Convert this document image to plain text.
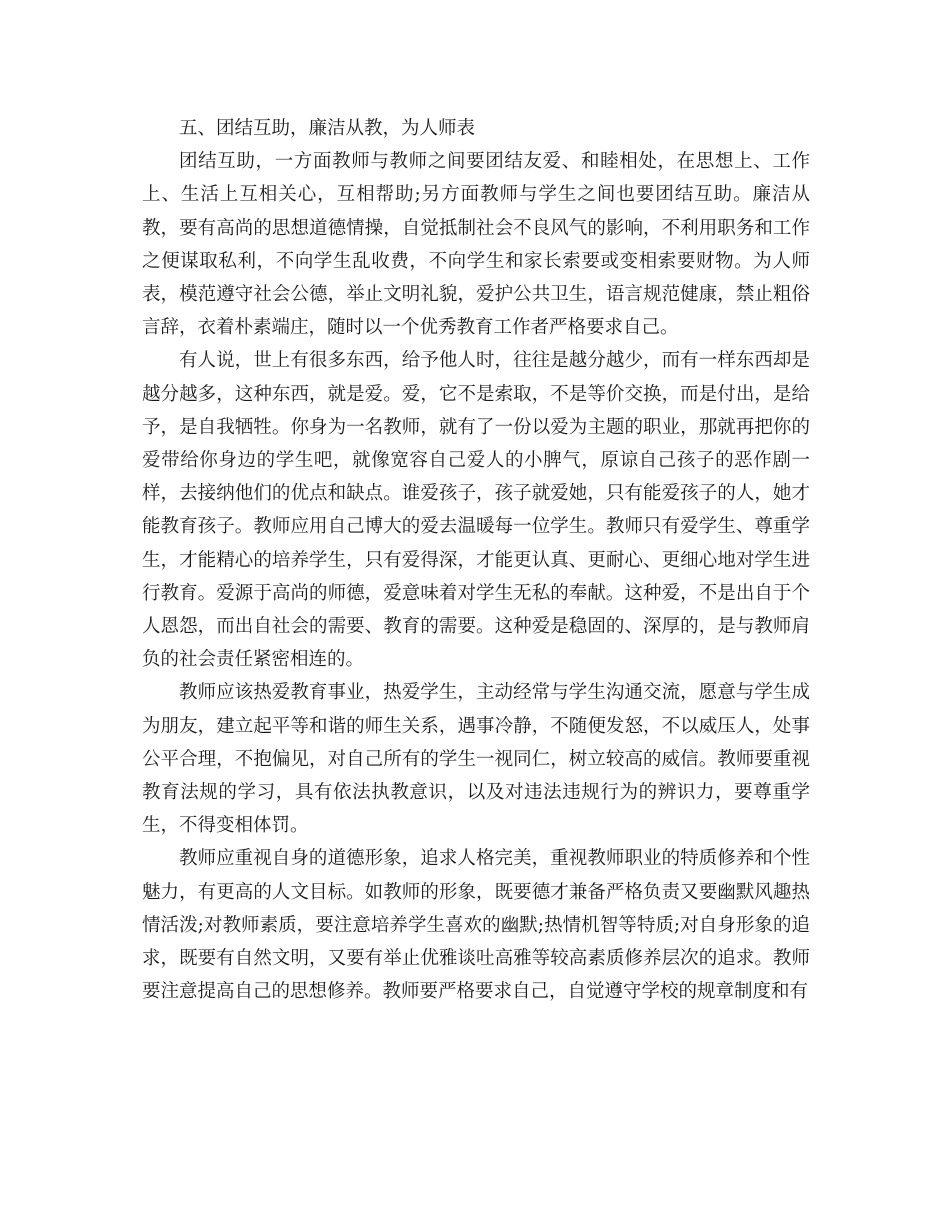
五、团结互助，廉洁从教，为人师表

团结互助，一方面教师与教师之间要团结友爱、和睦相处，在思想上、工作上、生活上互相关心，互相帮助;另方面教师与学生之间也要团结互助。廉洁从教，要有高尚的思想道德情操，自觉抵制社会不良风气的影响，不利用职务和工作之便谋取私利，不向学生乱收费，不向学生和家长索要或变相索要财物。为人师表，模范遵守社会公德，举止文明礼貌，爱护公共卫生，语言规范健康，禁止粗俗言辞，衣着朴素端庄，随时以一个优秀教育工作者严格要求自己。

有人说，世上有很多东西，给予他人时，往往是越分越少，而有一样东西却是越分越多，这种东西，就是爱。爱，它不是索取，不是等价交换，而是付出，是给予，是自我牺牲。你身为一名教师，就有了一份以爱为主题的职业，那就再把你的爱带给你身边的学生吧，就像宽容自己爱人的小脾气，原谅自己孩子的恶作剧一样，去接纳他们的优点和缺点。谁爱孩子，孩子就爱她，只有能爱孩子的人，她才能教育孩子。教师应用自己博大的爱去温暖每一位学生。教师只有爱学生、尊重学生，才能精心的培养学生，只有爱得深，才能更认真、更耐心、更细心地对学生进行教育。爱源于高尚的师德，爱意味着对学生无私的奉献。这种爱，不是出自于个人恩怨，而出自社会的需要、教育的需要。这种爱是稳固的、深厚的，是与教师肩负的社会责任紧密相连的。

教师应该热爱教育事业，热爱学生，主动经常与学生沟通交流，愿意与学生成为朋友，建立起平等和谐的师生关系，遇事冷静，不随便发怒，不以威压人，处事公平合理，不抱偏见，对自己所有的学生一视同仁，树立较高的威信。教师要重视教育法规的学习，具有依法执教意识，以及对违法违规行为的辨识力，要尊重学生，不得变相体罚。

教师应重视自身的道德形象，追求人格完美，重视教师职业的特质修养和个性魅力，有更高的人文目标。如教师的形象，既要德才兼备严格负责又要幽默风趣热情活泼;对教师素质，要注意培养学生喜欢的幽默;热情机智等特质;对自身形象的追求，既要有自然文明，又要有举止优雅谈吐高雅等较高素质修养层次的追求。教师要注意提高自己的思想修养。教师要严格要求自己，自觉遵守学校的规章制度和有
